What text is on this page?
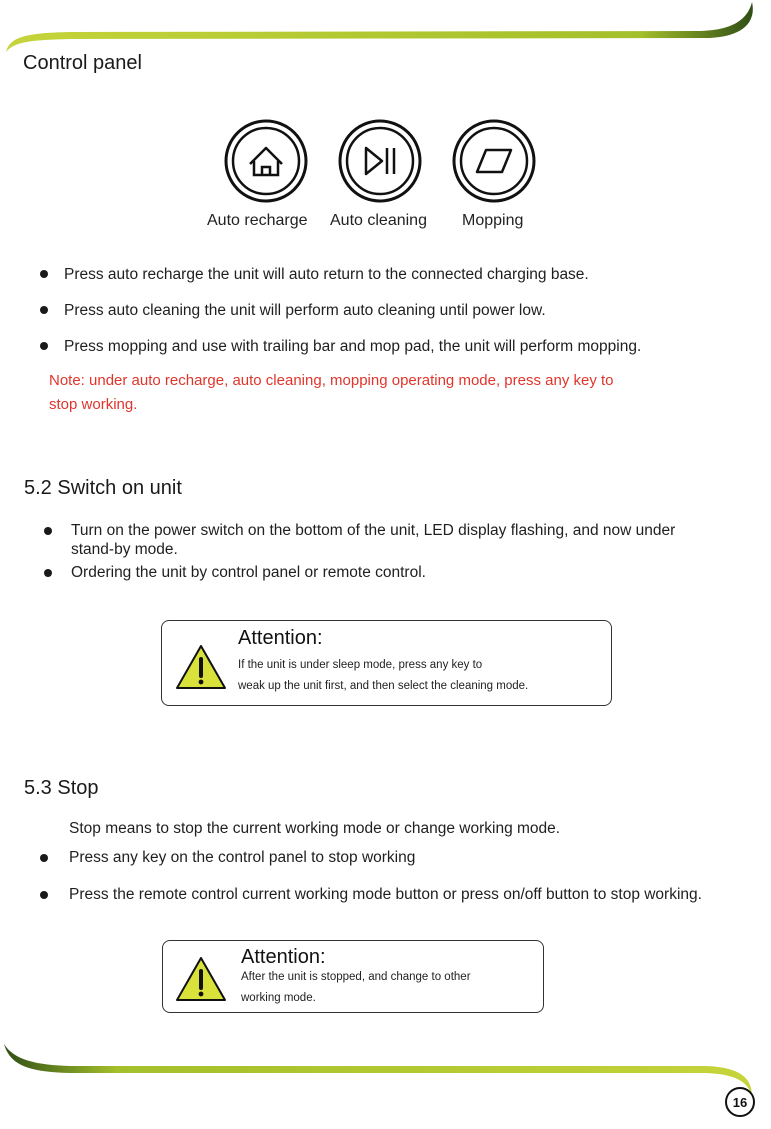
Control panel
Auto recharge Auto cleaning Mopping
Press auto recharge the unit will auto return to the connected charging base.
Press auto cleaning the unit will perform auto cleaning until power low.
Press mopping and use with trailing bar and mop pad, the unit will perform mopping.
Note: under auto recharge, auto cleaning, mopping operating mode, press any key to
stop working.
5.2 Switch on unit
Turn on the power switch on the bottom of the unit, LED display flashing, and now under
stand-by mode.
Ordering the unit by control panel or remote control.
Attention:
If the unit is under sleep mode, press any key to
weak up the unit first, and then select the cleaning mode.
5.3 Stop
Stop means to stop the current working mode or change working mode.
Press any key on the control panel to stop working
Press the remote control current working mode button or press on/off button to stop working.
Attention:
After the unit is stopped, and change to other
working mode.
16
